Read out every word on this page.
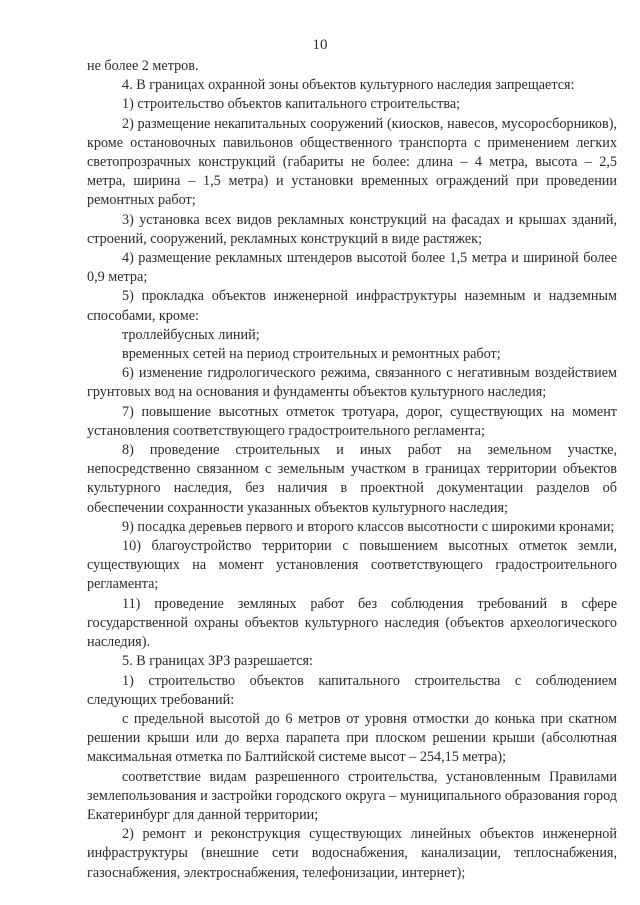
10
не более 2 метров.
4. В границах охранной зоны объектов культурного наследия запрещается:
1) строительство объектов капитального строительства;
2) размещение некапитальных сооружений (киосков, навесов, мусоросборников), кроме остановочных павильонов общественного транспорта с применением легких светопрозрачных конструкций (габариты не более: длина – 4 метра, высота – 2,5 метра, ширина – 1,5 метра) и установки временных ограждений при проведении ремонтных работ;
3) установка всех видов рекламных конструкций на фасадах и крышах зданий, строений, сооружений, рекламных конструкций в виде растяжек;
4) размещение рекламных штендеров высотой более 1,5 метра и шириной более 0,9 метра;
5) прокладка объектов инженерной инфраструктуры наземным и надземным способами, кроме:
троллейбусных линий;
временных сетей на период строительных и ремонтных работ;
6) изменение гидрологического режима, связанного с негативным воздействием грунтовых вод на основания и фундаменты объектов культурного наследия;
7) повышение высотных отметок тротуара, дорог, существующих на момент установления соответствующего градостроительного регламента;
8) проведение строительных и иных работ на земельном участке, непосредственно связанном с земельным участком в границах территории объектов культурного наследия, без наличия в проектной документации разделов об обеспечении сохранности указанных объектов культурного наследия;
9) посадка деревьев первого и второго классов высотности с широкими кронами;
10) благоустройство территории с повышением высотных отметок земли, существующих на момент установления соответствующего градостроительного регламента;
11) проведение земляных работ без соблюдения требований в сфере государственной охраны объектов культурного наследия (объектов археологического наследия).
5. В границах ЗРЗ разрешается:
1) строительство объектов капитального строительства с соблюдением следующих требований:
с предельной высотой до 6 метров от уровня отмостки до конька при скатном решении крыши или до верха парапета при плоском решении крыши (абсолютная максимальная отметка по Балтийской системе высот – 254,15 метра);
соответствие видам разрешенного строительства, установленным Правилами землепользования и застройки городского округа – муниципального образования город Екатеринбург для данной территории;
2) ремонт и реконструкция существующих линейных объектов инженерной инфраструктуры (внешние сети водоснабжения, канализации, теплоснабжения, газоснабжения, электроснабжения, телефонизации, интернет);
